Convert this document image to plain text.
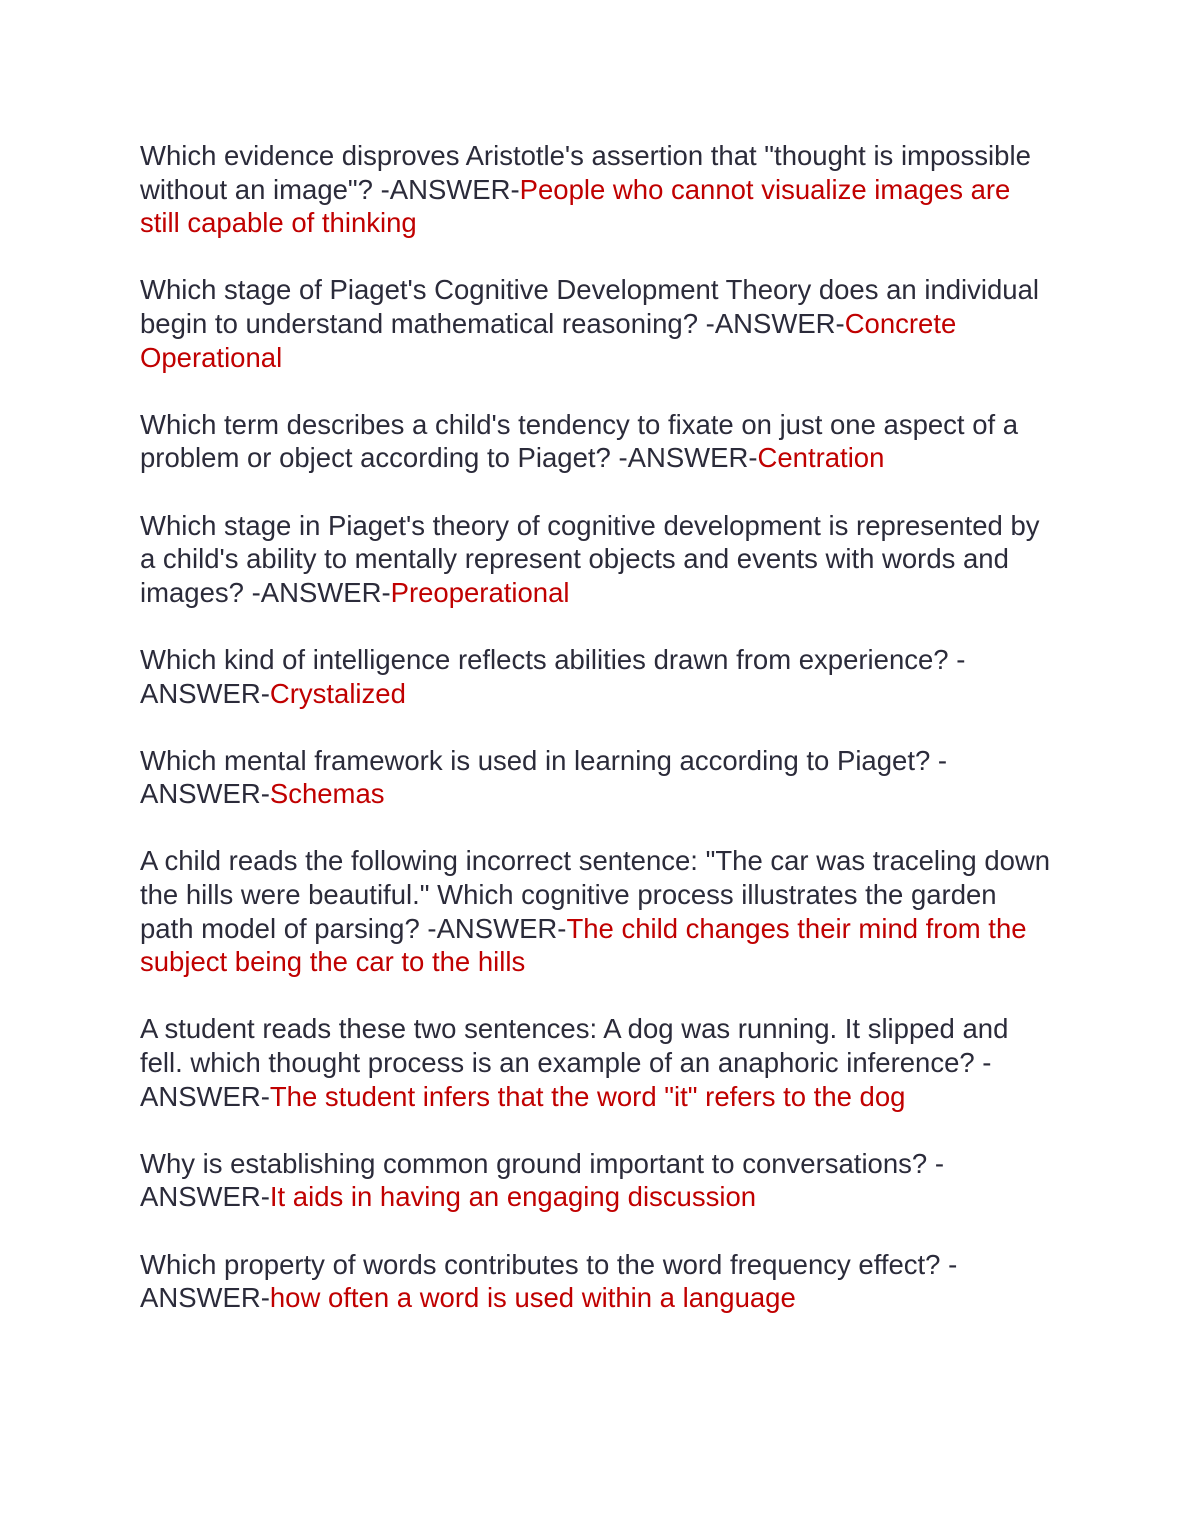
Which evidence disproves Aristotle's assertion that "thought is impossible without an image"? -ANSWER-People who cannot visualize images are still capable of thinking

Which stage of Piaget's Cognitive Development Theory does an individual begin to understand mathematical reasoning? -ANSWER-Concrete Operational

Which term describes a child's tendency to fixate on just one aspect of a problem or object according to Piaget? -ANSWER-Centration

Which stage in Piaget's theory of cognitive development is represented by a child's ability to mentally represent objects and events with words and images? -ANSWER-Preoperational

Which kind of intelligence reflects abilities drawn from experience? -ANSWER-Crystalized

Which mental framework is used in learning according to Piaget? -ANSWER-Schemas

A child reads the following incorrect sentence: "The car was traceling down the hills were beautiful." Which cognitive process illustrates the garden path model of parsing? -ANSWER-The child changes their mind from the subject being the car to the hills

A student reads these two sentences: A dog was running. It slipped and fell. which thought process is an example of an anaphoric inference? -ANSWER-The student infers that the word "it" refers to the dog

Why is establishing common ground important to conversations? -ANSWER-It aids in having an engaging discussion

Which property of words contributes to the word frequency effect? -ANSWER-how often a word is used within a language
